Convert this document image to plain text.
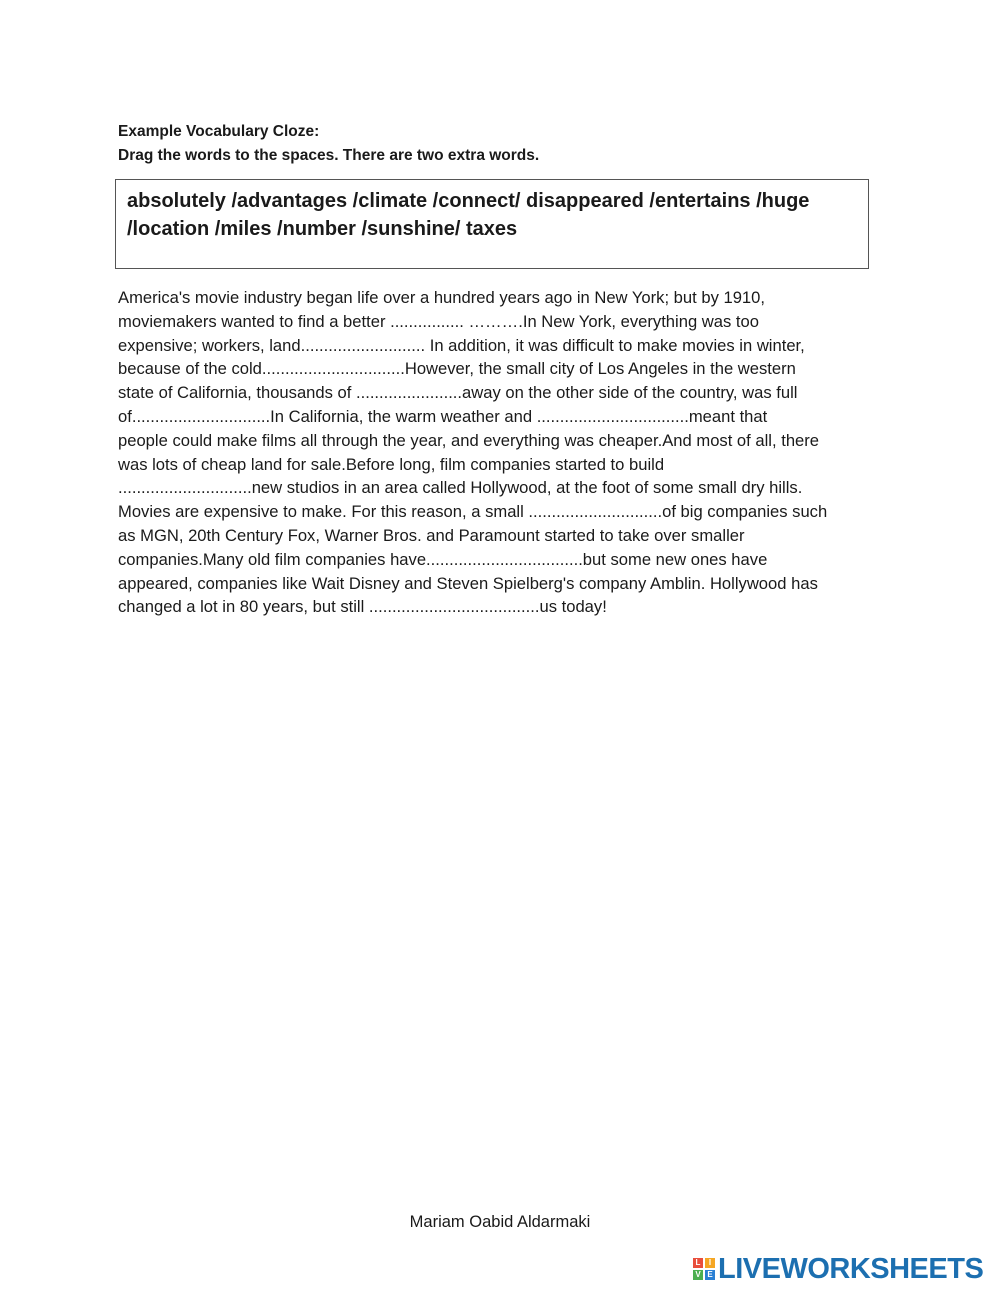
Example Vocabulary Cloze:
Drag the words to the spaces. There are two extra words.
absolutely /advantages /climate /connect/ disappeared /entertains /huge
/location /miles /number /sunshine/ taxes
America's movie industry began life over a hundred years ago in New York; but by 1910,
moviemakers wanted to find a better ................ ……….In New York, everything was too
expensive; workers, land........................... In addition, it was difficult to make movies in winter,
because of the cold...............................However, the small city of Los Angeles in the western
state of California, thousands of .......................away on the other side of the country, was full
of..............................In California, the warm weather and .................................meant that
people could make films all through the year, and everything was cheaper.And most of all, there
was lots of cheap land for sale.Before long, film companies started to build
.............................new studios in an area called Hollywood, at the foot of some small dry hills.
Movies are expensive to make. For this reason, a small .............................of big companies such
as MGN, 20th Century Fox, Warner Bros. and Paramount started to take over smaller
companies.Many old film companies have..................................but some new ones have
appeared, companies like Wait Disney and Steven Spielberg's company Amblin. Hollywood has
changed a lot in 80 years, but still .....................................us today!
Mariam Oabid Aldarmaki
L	I
V E LIVEWORKSHEETS
